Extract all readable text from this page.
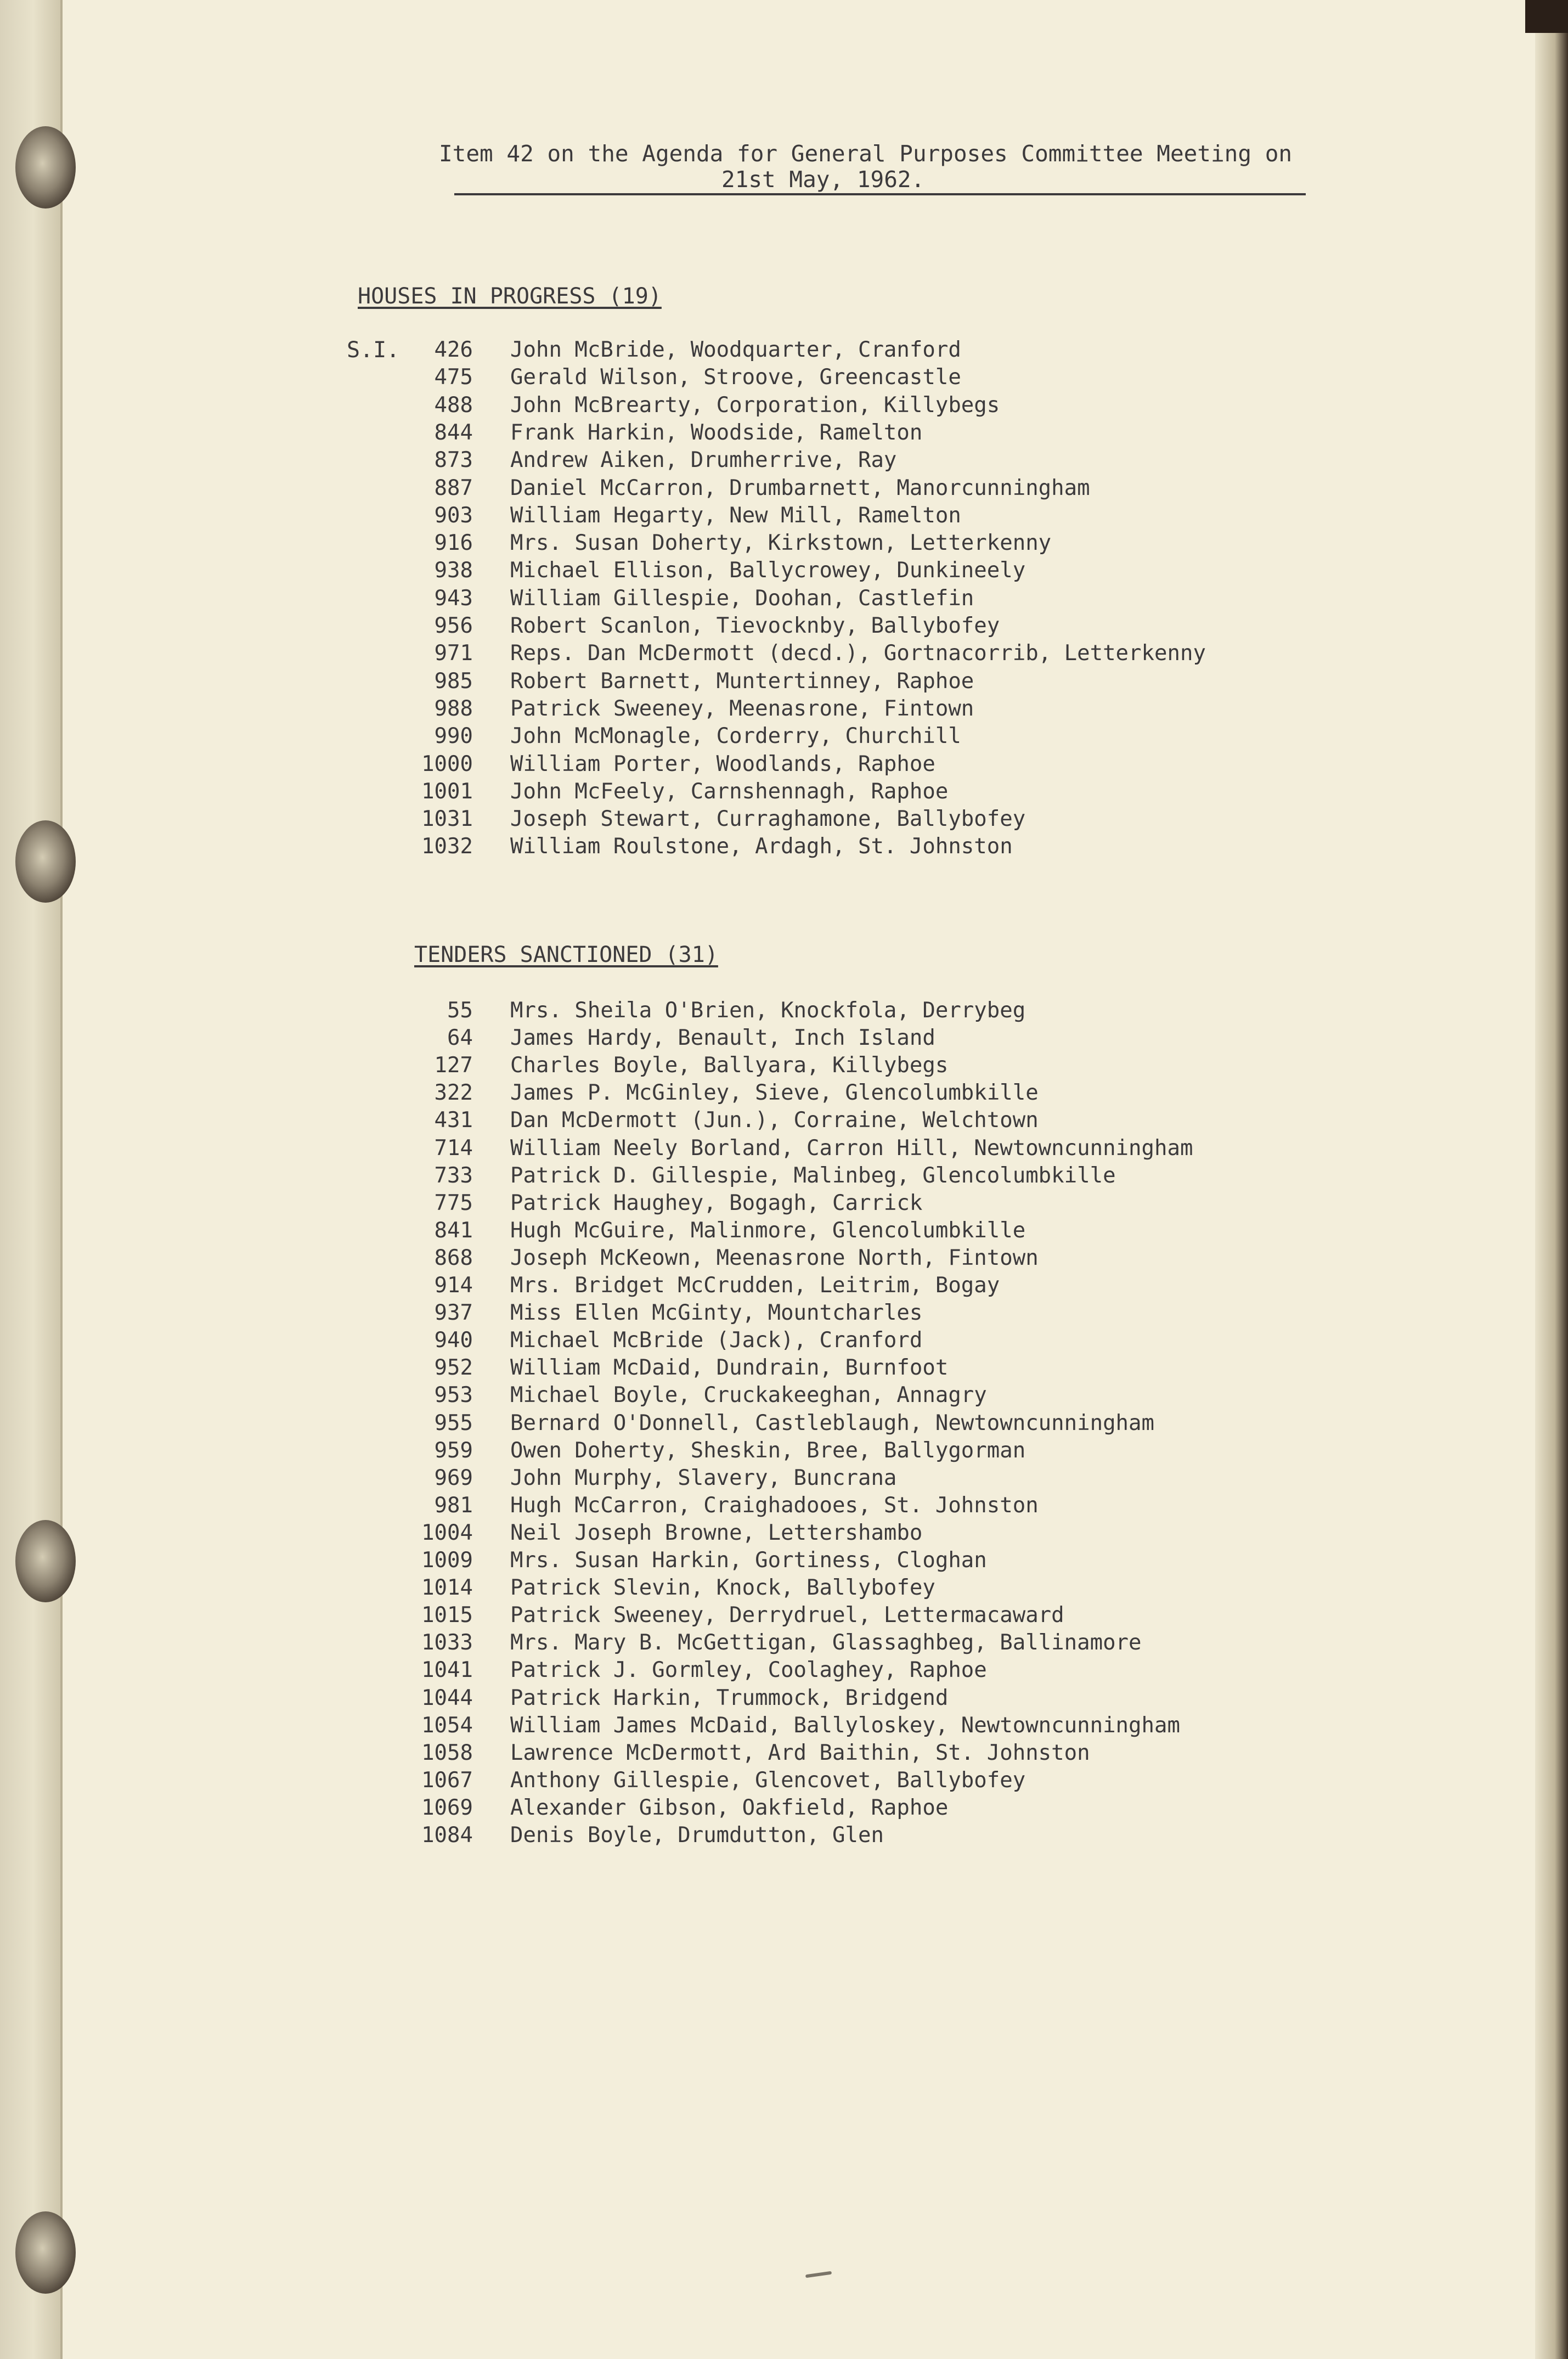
Item 42 on the Agenda for General Purposes Committee Meeting on
21st May, 1962.
HOUSES IN PROGRESS (19)
S.I.	426 John McBride, Woodquarter, Cranford
475 Gerald Wilson, Stroove, Greencastle
488 John McBrearty, Corporation, Killybegs
844 Frank Harkin, Woodside, Ramelton
873 Andrew Aiken, Drumherrive, Ray
887 Daniel McCarron, Drumbarnett, Manorcunningham
903 William Hegarty, New Mill, Ramelton
916 Mrs. Susan Doherty, Kirkstown, Letterkenny
938 Michael Ellison, Ballycrowey, Dunkineely
943 William Gillespie, Doohan, Castlefin
956 Robert Scanlon, Tievocknby, Ballybofey
971 Reps. Dan McDermott (decd.), Gortnacorrib, Letterkenny
985 Robert Barnett, Muntertinney, Raphoe
988 Patrick Sweeney, Meenasrone, Fintown
990 John McMonagle, Corderry, Churchill
1000 William Porter, Woodlands, Raphoe
1001 John McFeely, Carnshennagh, Raphoe
1031 Joseph Stewart, Curraghamone, Ballybofey
1032 William Roulstone, Ardagh, St. Johnston
TENDERS SANCTIONED (31)
55 Mrs. Sheila O'Brien, Knockfola, Derrybeg
64 James Hardy, Benault, Inch Island
127 Charles Boyle, Ballyara, Killybegs
322 James P. McGinley, Sieve, Glencolumbkille
431 Dan McDermott (Jun.), Corraine, Welchtown
714 William Neely Borland, Carron Hill, Newtowncunningham
733 Patrick D. Gillespie, Malinbeg, Glencolumbkille
775 Patrick Haughey, Bogagh, Carrick
841 Hugh McGuire, Malinmore, Glencolumbkille
868 Joseph McKeown, Meenasrone North, Fintown
914 Mrs. Bridget McCrudden, Leitrim, Bogay
937 Miss Ellen McGinty, Mountcharles
940 Michael McBride (Jack), Cranford
952 William McDaid, Dundrain, Burnfoot
953 Michael Boyle, Cruckakeeghan, Annagry
955 Bernard O'Donnell, Castleblaugh, Newtowncunningham
959 Owen Doherty, Sheskin, Bree, Ballygorman
969 John Murphy, Slavery, Buncrana
981 Hugh McCarron, Craighadooes, St. Johnston
1004 Neil Joseph Browne, Lettershambo
1009 Mrs. Susan Harkin, Gortiness, Cloghan
1014 Patrick Slevin, Knock, Ballybofey
1015 Patrick Sweeney, Derrydruel, Lettermacaward
1033 Mrs. Mary B. McGettigan, Glassaghbeg, Ballinamore
1041 Patrick J. Gormley, Coolaghey, Raphoe
1044 Patrick Harkin, Trummock, Bridgend
1054 William James McDaid, Ballyloskey, Newtowncunningham
1058 Lawrence McDermott, Ard Baithin, St. Johnston
1067 Anthony Gillespie, Glencovet, Ballybofey
1069 Alexander Gibson, Oakfield, Raphoe
1084 Denis Boyle, Drumdutton, Glen
